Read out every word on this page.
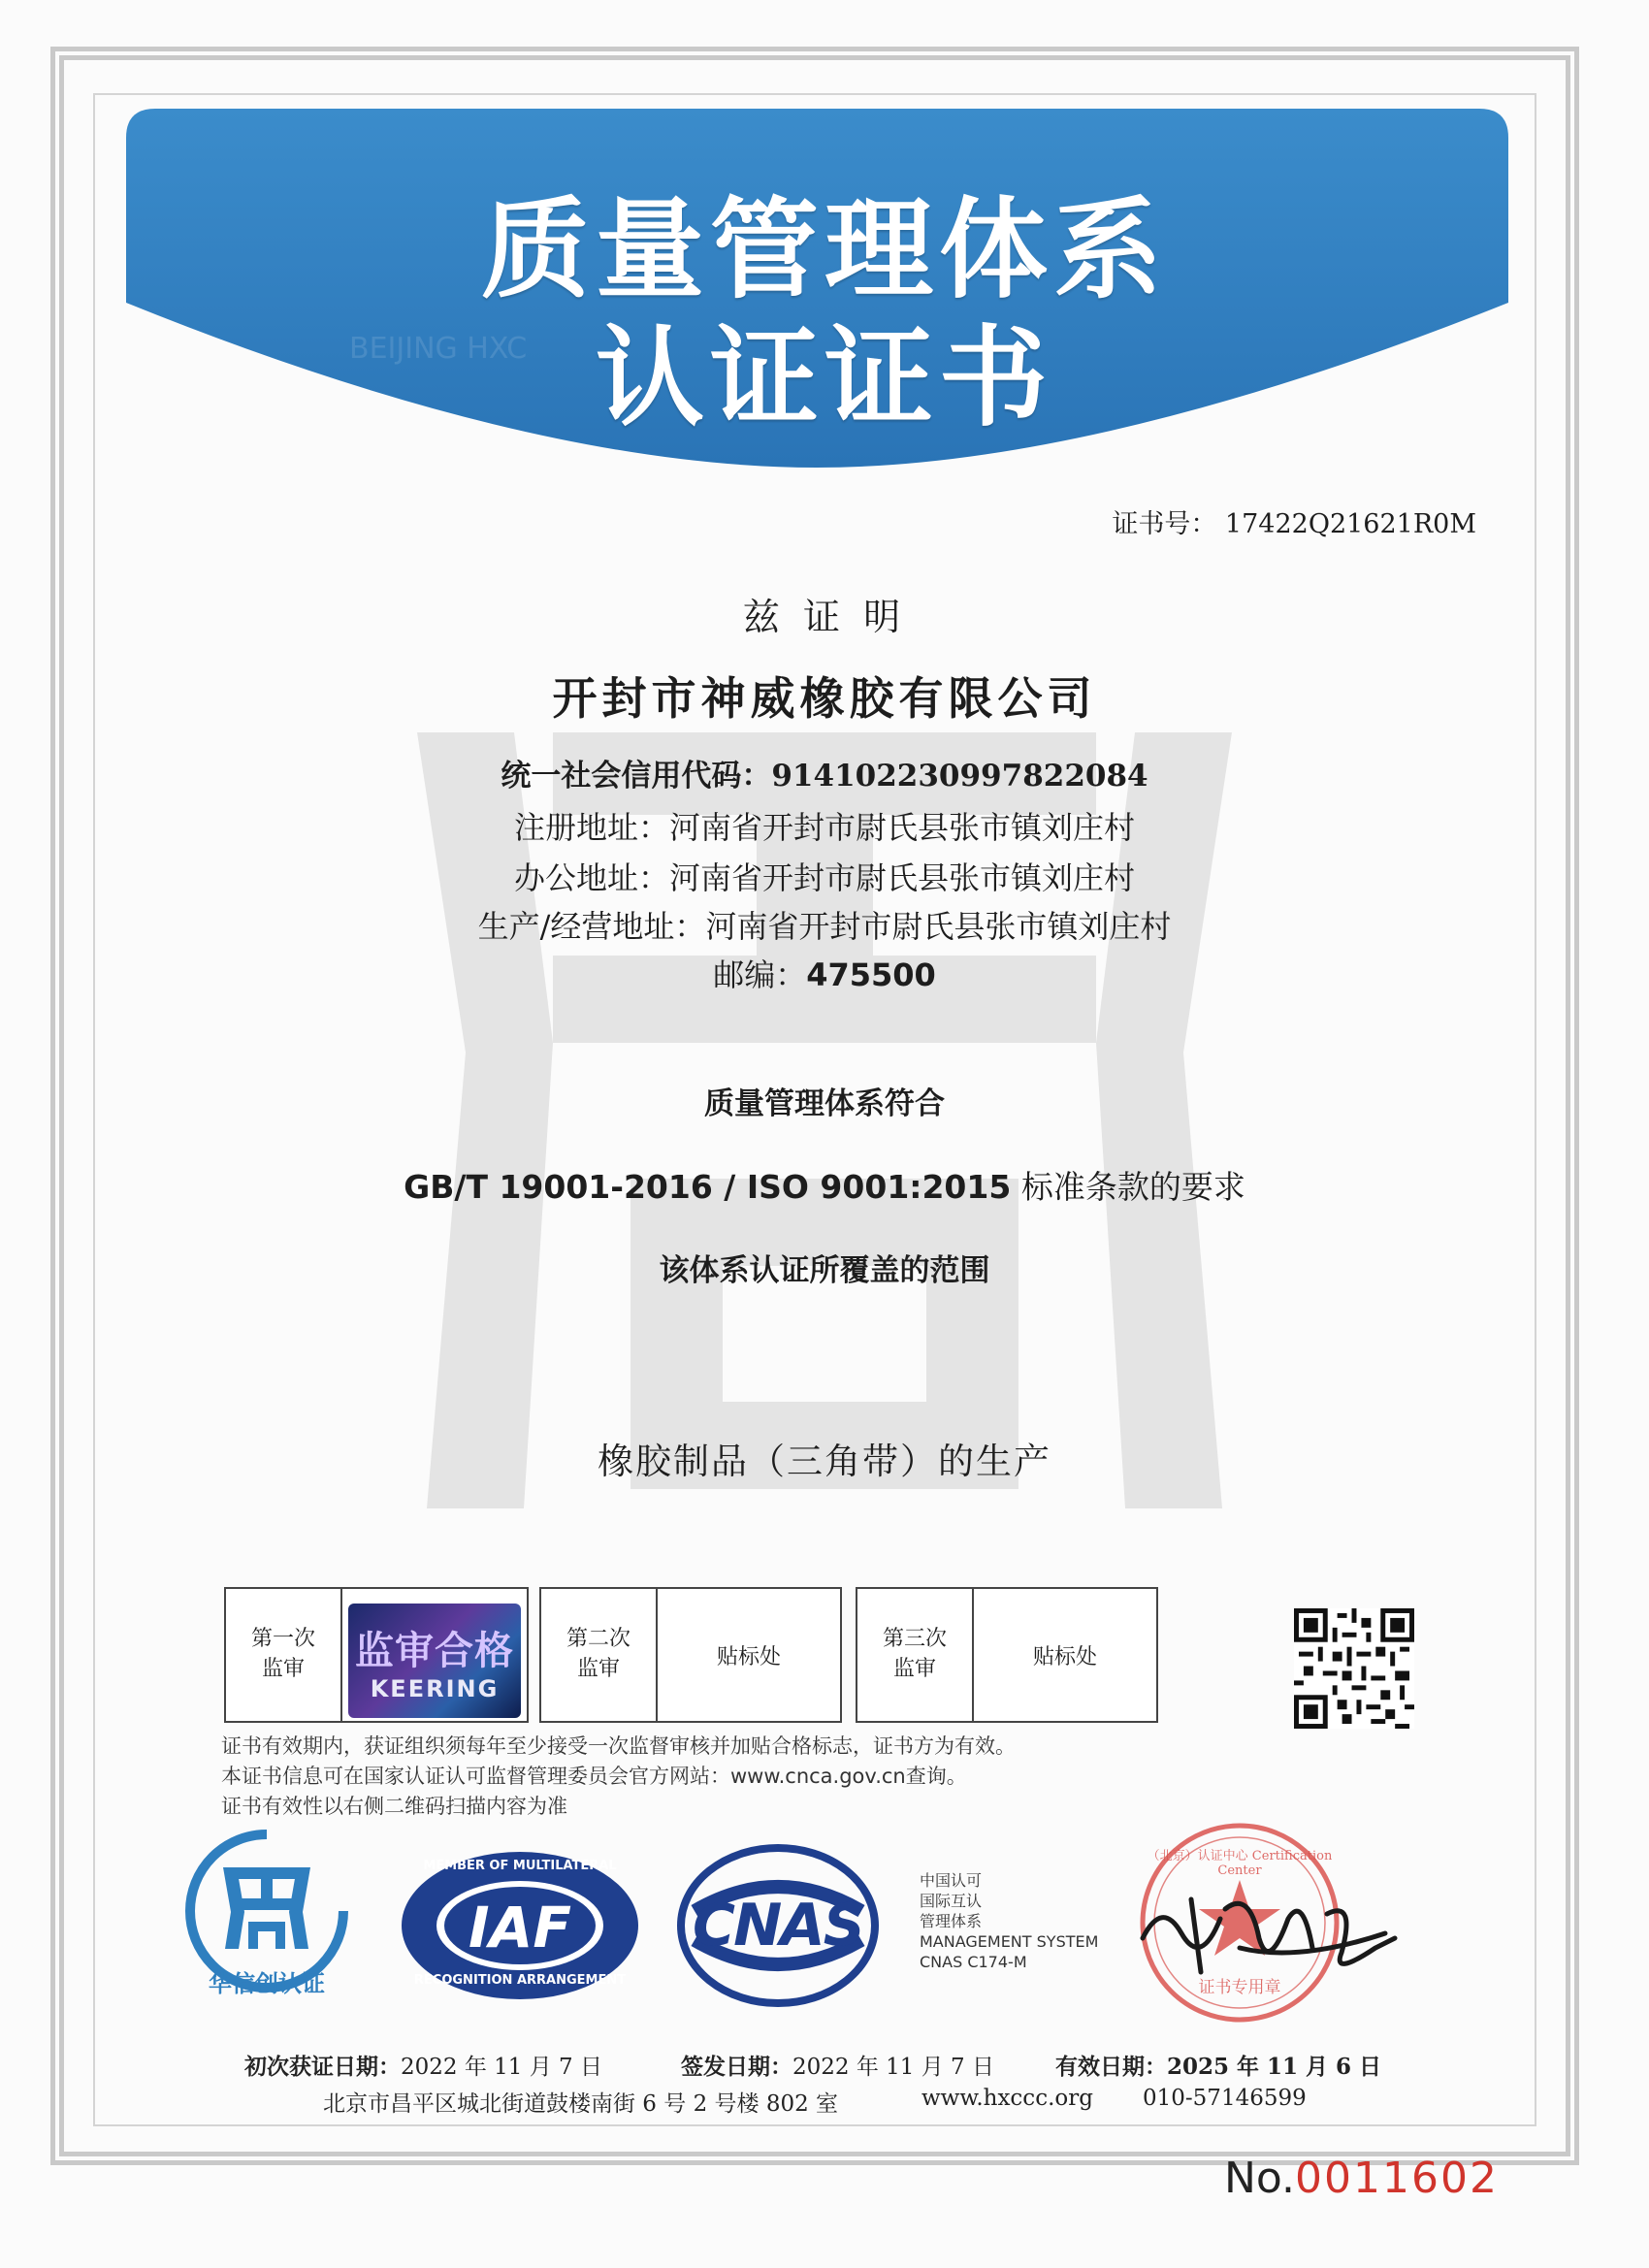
BEIJING HXC
质量管理体系
认证证书
证书号： 17422Q21621R0M
兹 证 明
开封市神威橡胶有限公司
统一社会信用代码：91410223099782208​4
注册地址：河南省开封市尉氏县张市镇刘庄村
办公地址：河南省开封市尉氏县张市镇刘庄村
生产/经营地址：河南省开封市尉氏县张市镇刘庄村
邮编：475500
质量管理体系符合
GB/T 19001-2016 / ISO 9001:2015 标准条款的要求
该体系认证所覆盖的范围
橡胶制品（三角带）的生产
第一次
监审	监审合格
KEERING
第二次
监审	贴标处
第三次
监审	贴标处
证书有效期内，获证组织须每年至少接受一次监督审核并加贴合格标志，证书方为有效。
本证书信息可在国家认证认可监督管理委员会官方网站：www.cnca.gov.cn查询。
证书有效性以右侧二维码扫描内容为准
华信创认证
IAF
MEMBER OF MULTILATERAL
RECOGNITION ARRANGEMENT
CNAS
中国认可
国际互认
管理体系
MANAGEMENT SYSTEM
CNAS C174-M
（北京）认证中心 Certification Center
证书专用章
初次获证日期：2022 年 11 月 7 日	签发日期：2022 年 11 月 7 日	有效日期：2025 年 11 月 6 日
北京市昌平区城北街道鼓楼南街 6 号 2 号楼 802 室	www.hxccc.org 010-57146599
No.0011602
